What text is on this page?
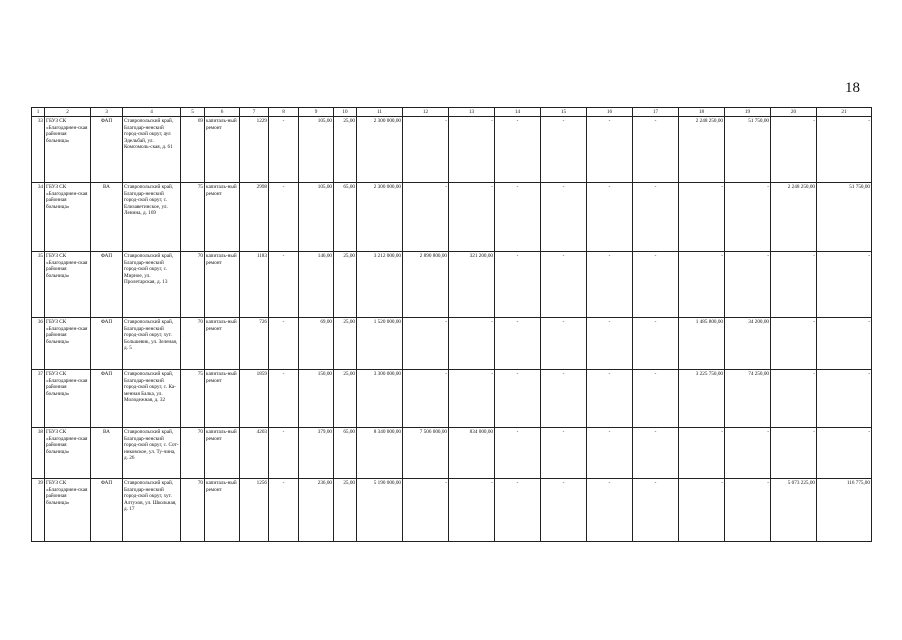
18
1	2	3	4	5	6	7	8	9	10	11	12	13	14	15	16	17	18	19	20	21
33	ГБУЗ СК «Благодарнен-ская районная больница»	ФАП	Ставропольский край, Благодар-ненский город-ской округ, аул Эдельбай, ул. Комсомоль-ская, д. 61	69	капиталь-ный ремонт	1229	-	105,00	25,00	2 300 000,00	-	-	-	-	-	-	2 248 250,00	51 750,00	-	-
34	ГБУЗ СК «Благодарнен-ская районная больница»	ВА	Ставропольский край, Благодар-ненский город-ской округ, с. Елизаветинское, ул. Ленина, д. 169	75	капиталь-ный ремонт	2998	-	105,00	65,00	2 300 000,00	-	-	-	-	-	-	-	-	2 248 250,00	51 750,00
35	ГБУЗ СК «Благодарнен-ская районная больница»	ФАП	Ставропольский край, Благодар-ненский город-ской округ, с. Мирное, ул. Пролетарская, д. 13	70	капиталь-ный ремонт	1183	-	146,00	25,00	3 212 000,00	2 890 800,00	321 200,00	-	-	-	-	-	-	-	-
36	ГБУЗ СК «Благодарнен-ская районная больница»	ФАП	Ставропольский край, Благодар-ненский город-ской округ, хут. Большевик, ул. Зеленая, д. 5	70	капиталь-ный ремонт	726	-	69,00	25,00	1 520 000,00	-	-	-	-	-	-	1 485 800,00	34 200,00	-	-
37	ГБУЗ СК «Благодарнен-ская районная больница»	ФАП	Ставропольский край, Благодар-ненский город-ской округ, с. Ка-менная Балка, ул. Молодежная, д. 32	75	капиталь-ный ремонт	1859	-	150,00	25,00	3 300 000,00	-	-	-	-	-	-	3 225 750,00	74 250,00	-	-
38	ГБУЗ СК «Благодарнен-ская районная больница»	ВА	Ставропольский край, Благодар-ненский город-ской округ, с. Сот-никовское, ул. Ту-чина, д. 26	70	капиталь-ный ремонт	4203	-	379,00	65,00	8 340 000,00	7 506 000,00	834 000,00	-	-	-	-	-	-	-	-
39	ГБУЗ СК «Благодарнен-ская районная больница»	ФАП	Ставропольский край, Благодар-ненский город-ской округ, хут. Алтухов, ул. Школьная, д. 17	70	капиталь-ный ремонт	1256	-	236,00	25,00	5 190 000,00	-	-	-	-	-	-	-	-	5 073 225,00	116 775,00
